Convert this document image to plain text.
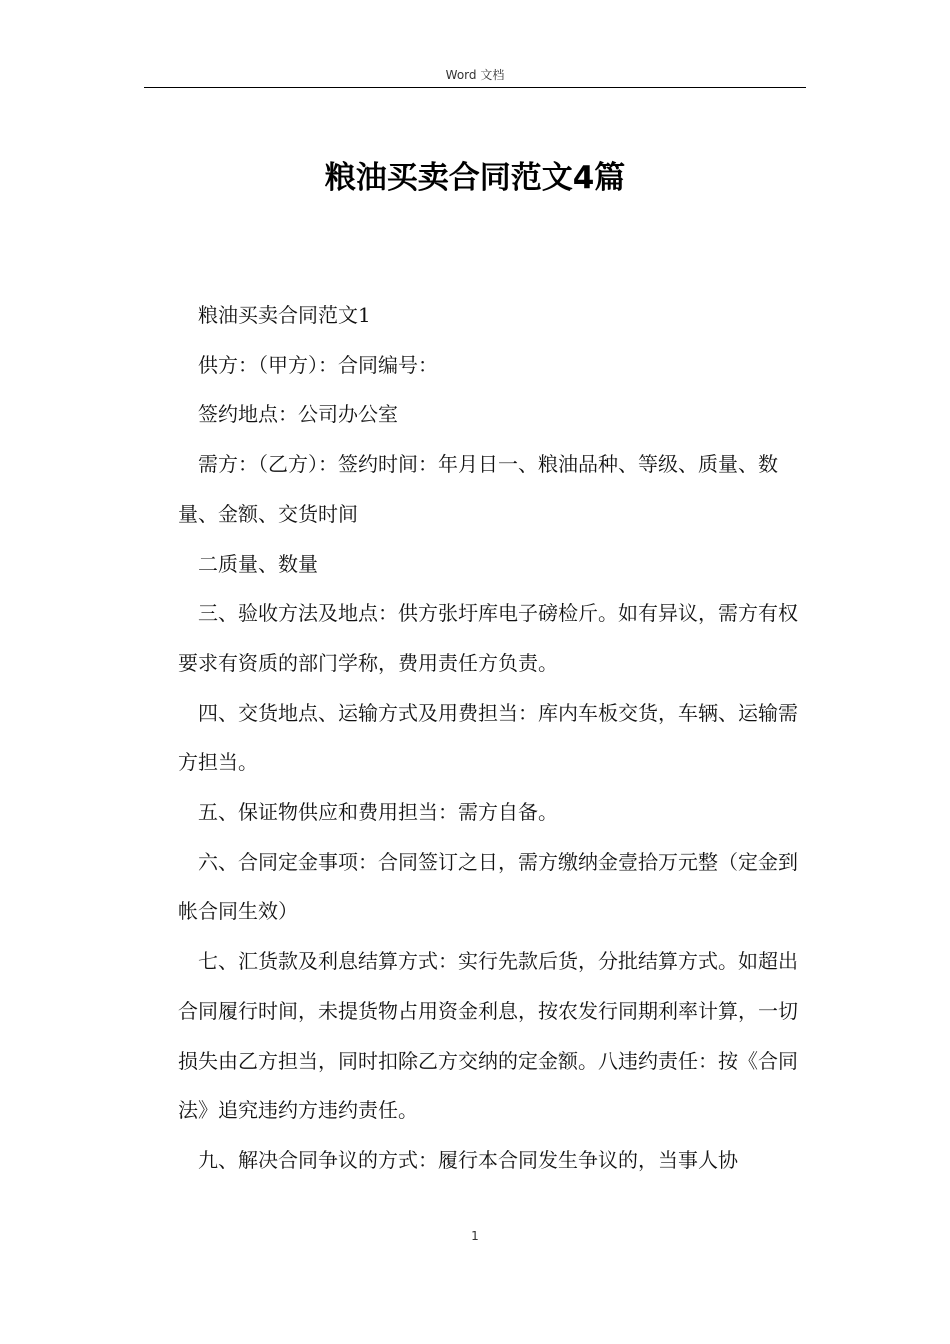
Word 文档
粮油买卖合同范文4篇

粮油买卖合同范文1

供方：（甲方）：合同编号：

签约地点：公司办公室

需方：（乙方）：签约时间：年月日一、粮油品种、等级、质量、数量、金额、交货时间

二质量、数量

三、验收方法及地点：供方张圩库电子磅检斤。如有异议，需方有权要求有资质的部门学称，费用责任方负责。

四、交货地点、运输方式及用费担当：库内车板交货，车辆、运输需方担当。

五、保证物供应和费用担当：需方自备。

六、合同定金事项：合同签订之日，需方缴纳金壹拾万元整（定金到帐合同生效）

七、汇货款及利息结算方式：实行先款后货，分批结算方式。如超出合同履行时间，未提货物占用资金利息，按农发行同期利率计算，一切损失由乙方担当，同时扣除乙方交纳的定金额。八违约责任：按《合同法》追究违约方违约责任。

九、解决合同争议的方式：履行本合同发生争议的，当事人协

1
